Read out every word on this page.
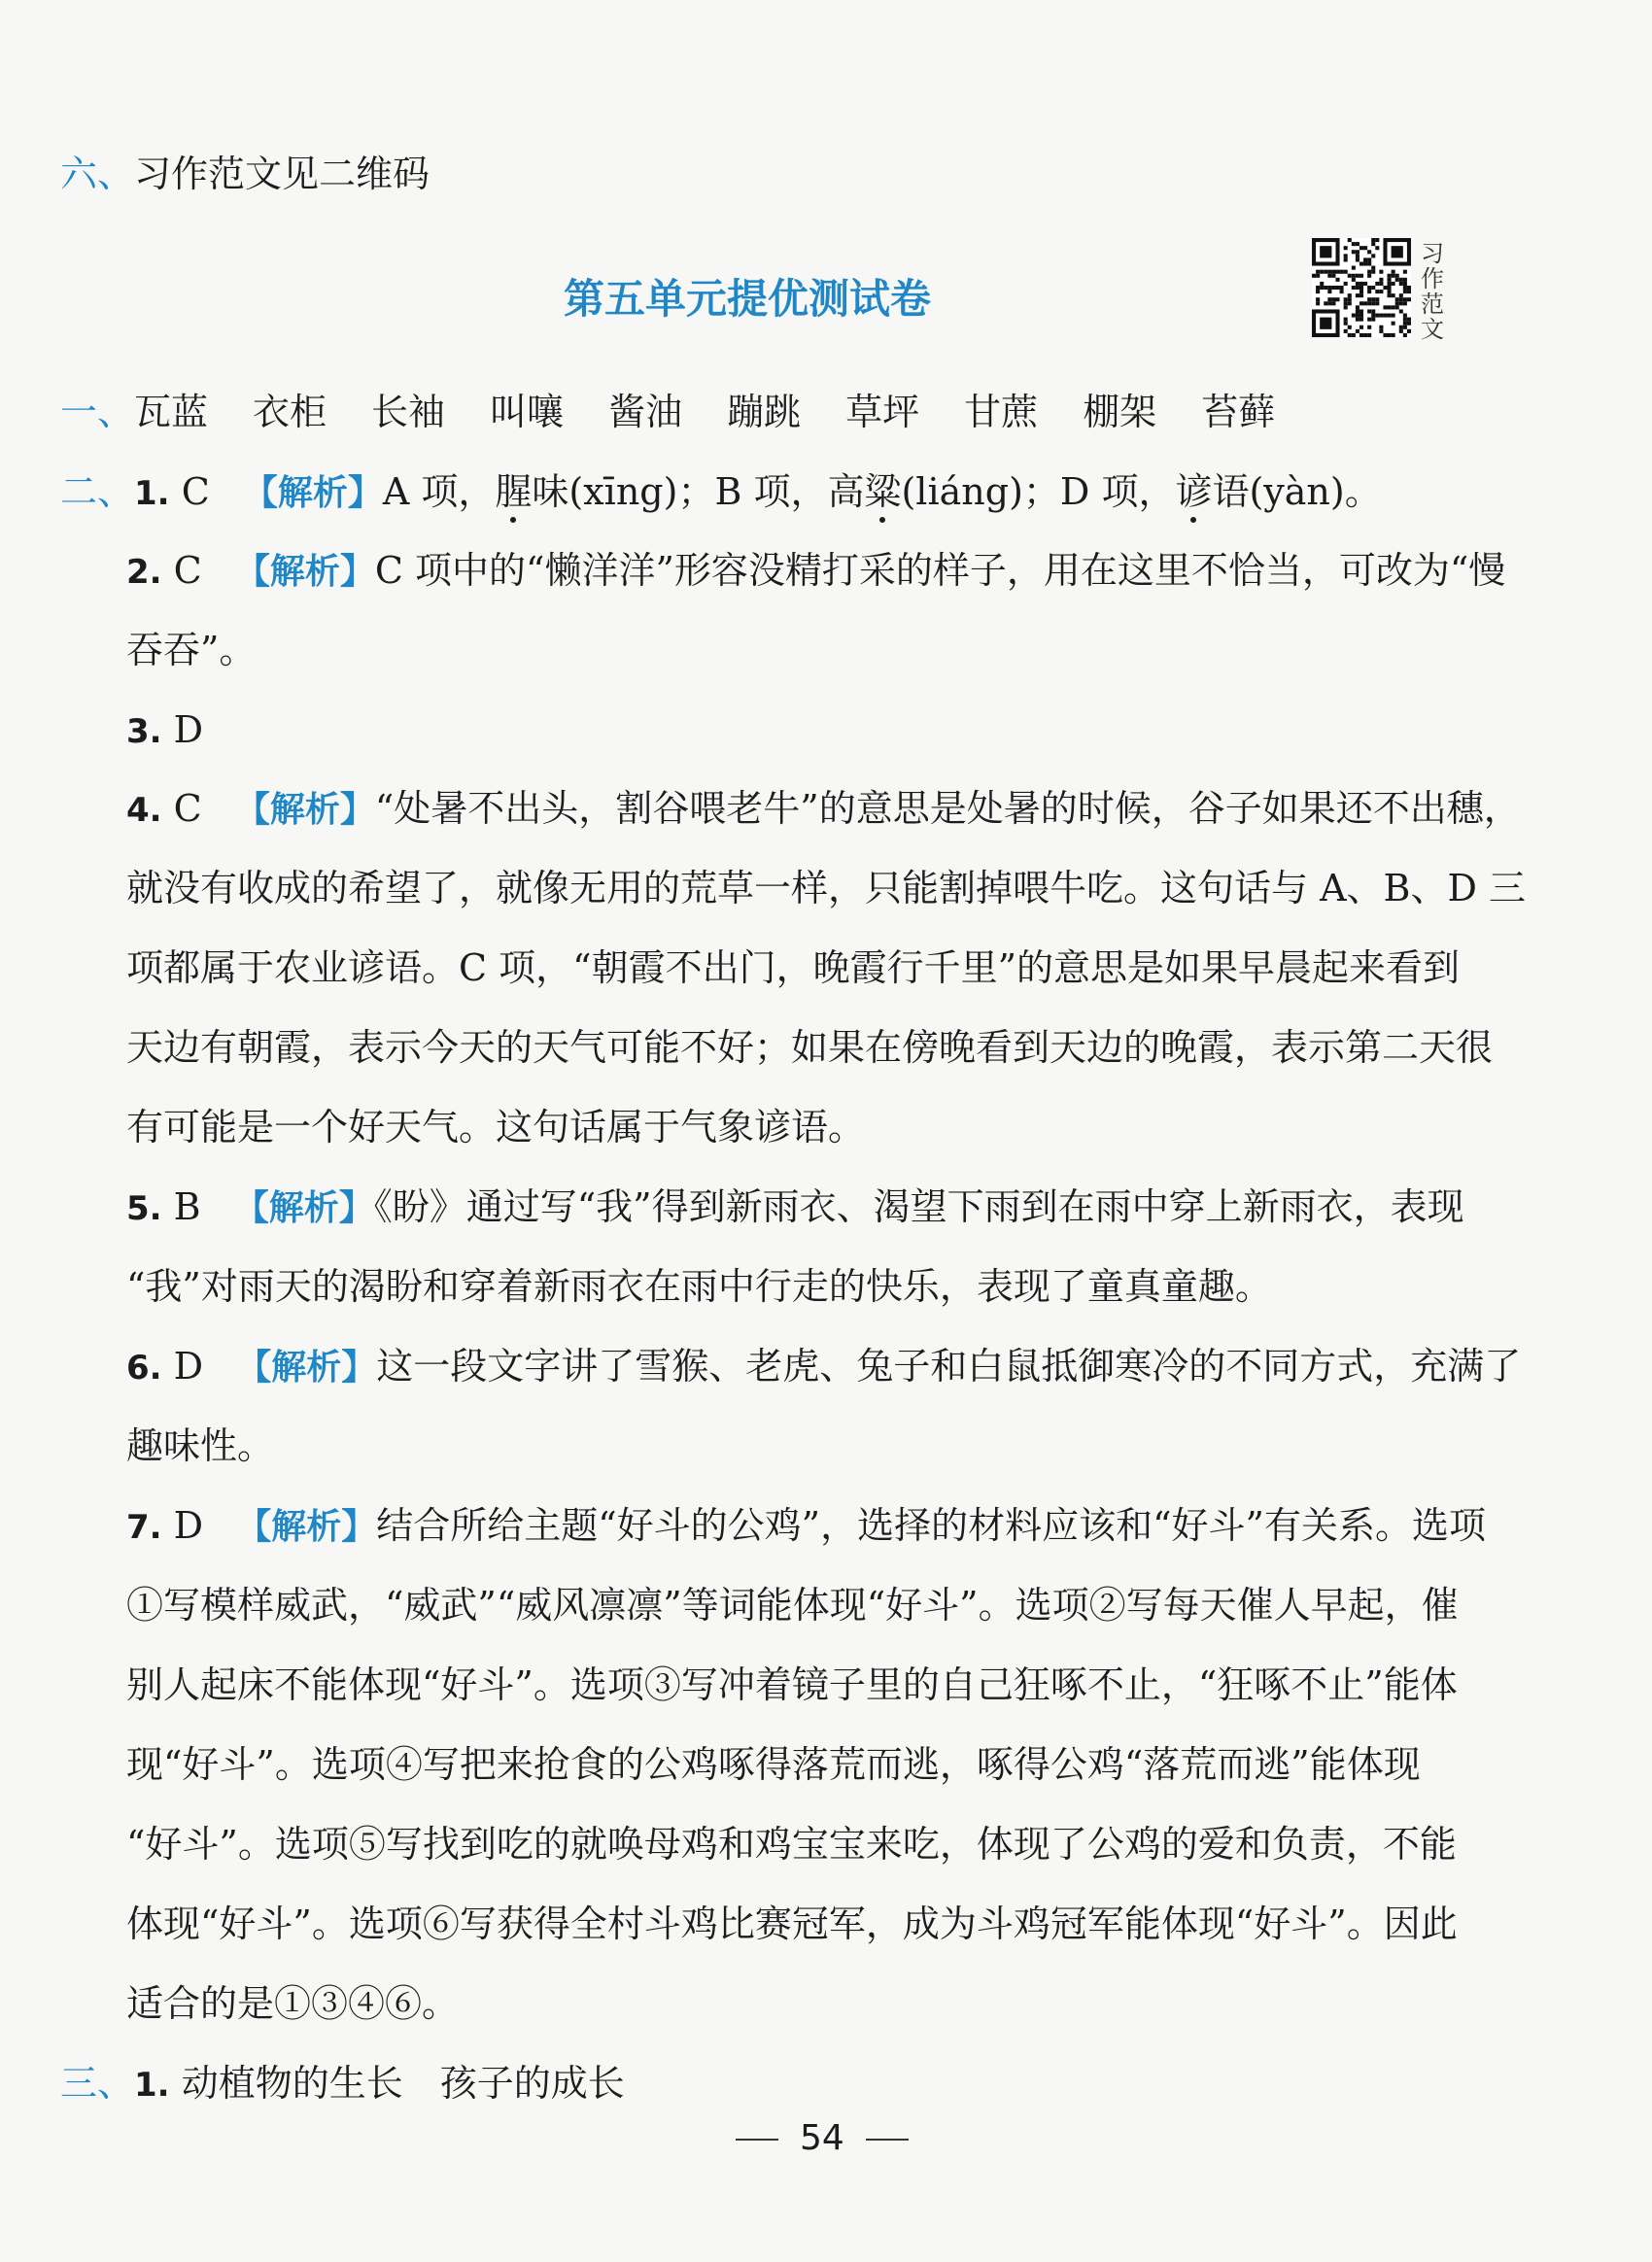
六、习作范文见二维码
第五单元提优测试卷
习作范文
一、瓦蓝 衣柜 长袖 叫嚷 酱油 蹦跳 草坪 甘蔗 棚架 苔藓
二、1. C 【解析】A 项，腥味(xīng)；B 项，高粱(liáng)；D 项，谚语(yàn)。
2. C 【解析】C 项中的“懒洋洋”形容没精打采的样子，用在这里不恰当，可改为“慢
吞吞”。
3. D
4. C 【解析】“处暑不出头，割谷喂老牛”的意思是处暑的时候，谷子如果还不出穗，
就没有收成的希望了，就像无用的荒草一样，只能割掉喂牛吃。这句话与 A、B、D 三
项都属于农业谚语。C 项，“朝霞不出门，晚霞行千里”的意思是如果早晨起来看到
天边有朝霞，表示今天的天气可能不好；如果在傍晚看到天边的晚霞，表示第二天很
有可能是一个好天气。这句话属于气象谚语。
5. B 【解析】《盼》通过写“我”得到新雨衣、渴望下雨到在雨中穿上新雨衣，表现
“我”对雨天的渴盼和穿着新雨衣在雨中行走的快乐，表现了童真童趣。
6. D 【解析】这一段文字讲了雪猴、老虎、兔子和白鼠抵御寒冷的不同方式，充满了
趣味性。
7. D 【解析】结合所给主题“好斗的公鸡”，选择的材料应该和“好斗”有关系。选项
①写模样威武，“威武”“威风凛凛”等词能体现“好斗”。选项②写每天催人早起，催
别人起床不能体现“好斗”。选项③写冲着镜子里的自己狂啄不止，“狂啄不止”能体
现“好斗”。选项④写把来抢食的公鸡啄得落荒而逃，啄得公鸡“落荒而逃”能体现
“好斗”。选项⑤写找到吃的就唤母鸡和鸡宝宝来吃，体现了公鸡的爱和负责，不能
体现“好斗”。选项⑥写获得全村斗鸡比赛冠军，成为斗鸡冠军能体现“好斗”。因此
适合的是①③④⑥。
三、1. 动植物的生长　孩子的成长
54
